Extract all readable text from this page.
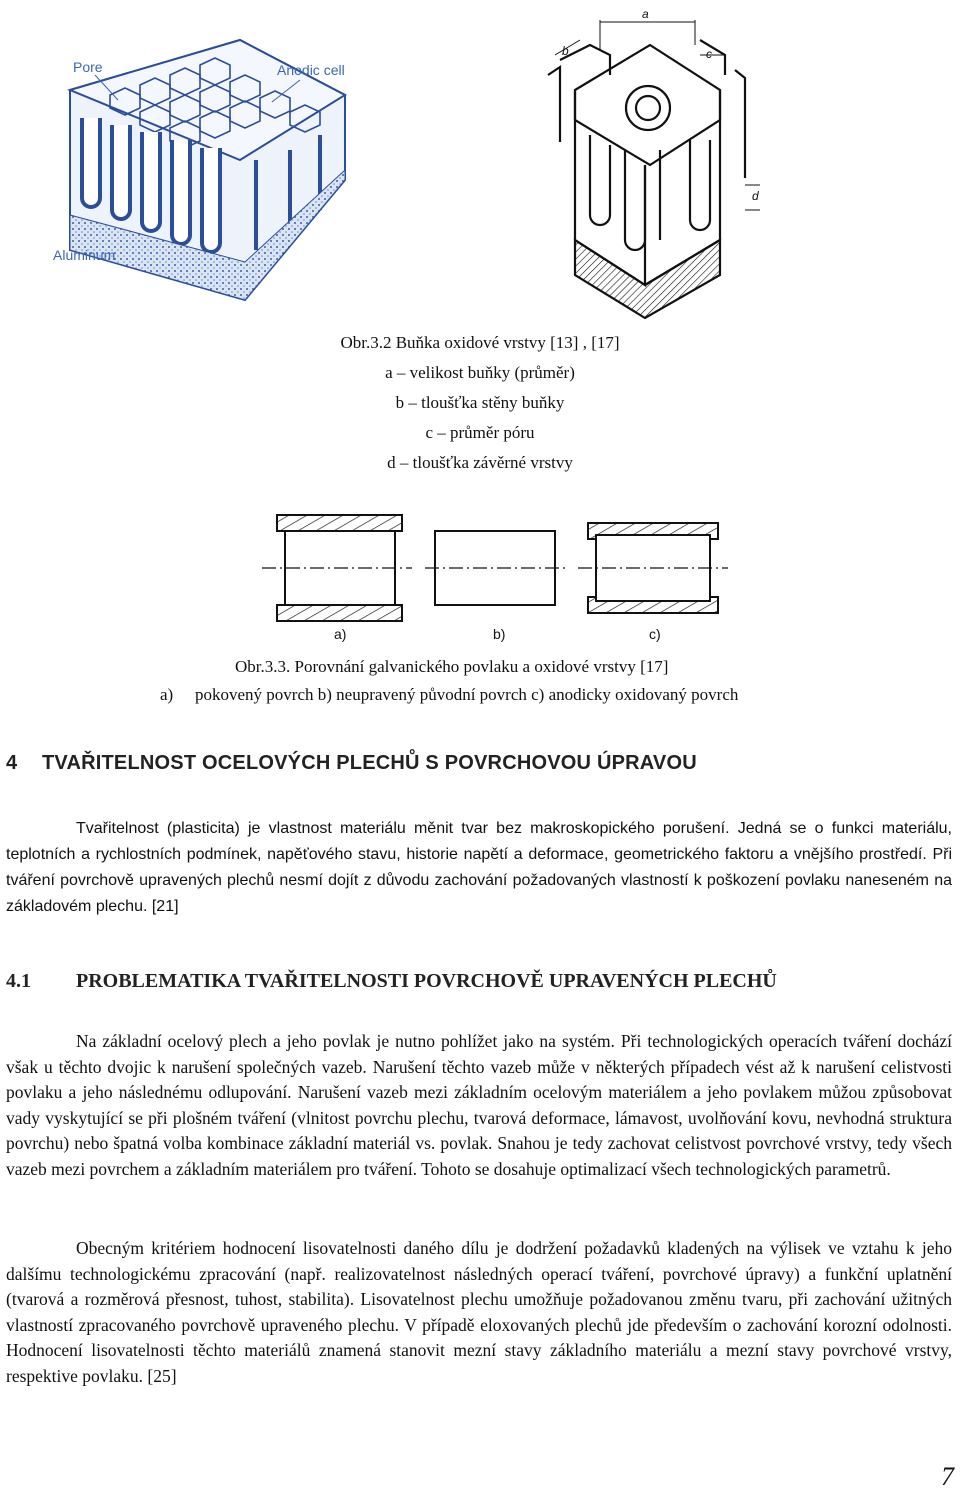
Pore	Anodic cell
Aluminum
a
b	c
d
Obr.3.2 Buňka oxidové vrstvy [13] , [17]
a – velikost buňky (průměr)
b – tloušťka stěny buňky
c – průměr póru
d – tloušťka závěrné vrstvy
a)	b)	c)
Obr.3.3. Porovnání galvanického povlaku a oxidové vrstvy [17]
a) pokovený povrch b) neupravený původní povrch c) anodicky oxidovaný povrch
4 TVAŘITELNOST OCELOVÝCH PLECHŮ S POVRCHOVOU ÚPRAVOU
Tvařitelnost (plasticita) je vlastnost materiálu měnit tvar bez makroskopického porušení. Jedná se o funkci materiálu, teplotních a rychlostních podmínek, napěťového stavu, historie napětí a deformace, geometrického faktoru a vnějšího prostředí. Při tváření povrchově upravených plechů nesmí dojít z důvodu zachování požadovaných vlastností k poškození povlaku naneseném na základovém plechu. [21]
4.1 PROBLEMATIKA TVAŘITELNOSTI POVRCHOVĚ UPRAVENÝCH PLECHŮ
Na základní ocelový plech a jeho povlak je nutno pohlížet jako na systém. Při technologických operacích tváření dochází však u těchto dvojic k narušení společných vazeb. Narušení těchto vazeb může v některých případech vést až k narušení celistvosti povlaku a jeho následnému odlupování. Narušení vazeb mezi základním ocelovým materiálem a jeho povlakem můžou způsobovat vady vyskytující se při plošném tváření (vlnitost povrchu plechu, tvarová deformace, lámavost, uvolňování kovu, nevhodná struktura povrchu) nebo špatná volba kombinace základní materiál vs. povlak. Snahou je tedy zachovat celistvost povrchové vrstvy, tedy všech vazeb mezi povrchem a základním materiálem pro tváření. Tohoto se dosahuje optimalizací všech technologických parametrů.
Obecným kritériem hodnocení lisovatelnosti daného dílu je dodržení požadavků kladených na výlisek ve vztahu k jeho dalšímu technologickému zpracování (např. realizovatelnost následných operací tváření, povrchové úpravy) a funkční uplatnění (tvarová a rozměrová přesnost, tuhost, stabilita). Lisovatelnost plechu umožňuje požadovanou změnu tvaru, při zachování užitných vlastností zpracovaného povrchově upraveného plechu. V případě eloxovaných plechů jde především o zachování korozní odolnosti. Hodnocení lisovatelnosti těchto materiálů znamená stanovit mezní stavy základního materiálu a mezní stavy povrchové vrstvy, respektive povlaku. [25]
7
